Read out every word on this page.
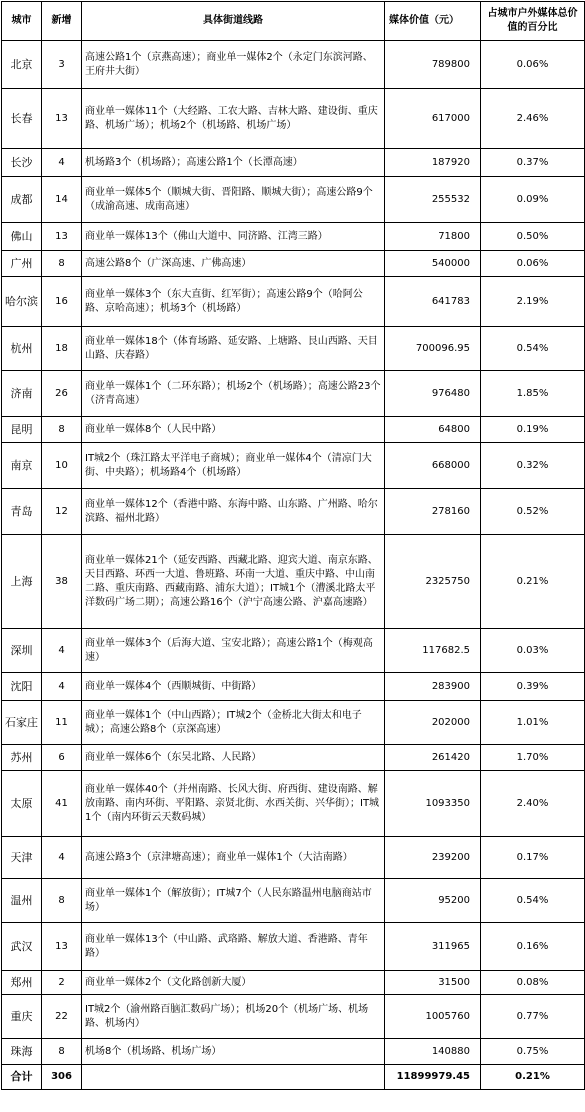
城市	新增	具体街道线路	媒体价值（元）	占城市户外媒体总价值的百分比
北京	3	高速公路1个（京燕高速）；商业单一媒体2个（永定门东滨河路、王府井大街）	789800	0.06%
长春	13	商业单一媒体11个（大经路、工农大路、吉林大路、建设街、重庆路、机场广场）；机场2个（机场路、机场广场）	617000	2.46%
长沙	4	机场路3个（机场路）；高速公路1个（长潭高速）	187920	0.37%
成都	14	商业单一媒体5个（顺城大街、晋阳路、顺城大街）；高速公路9个（成渝高速、成南高速）	255532	0.09%
佛山	13	商业单一媒体13个（佛山大道中、同济路、江湾三路）	71800	0.50%
广州	8	高速公路8个（广深高速、广佛高速）	540000	0.06%
哈尔滨	16	商业单一媒体3个（东大直街、红军街）；高速公路9个（哈阿公路、京哈高速）；机场3个（机场路）	641783	2.19%
杭州	18	商业单一媒体18个（体育场路、延安路、上塘路、艮山西路、天目山路、庆春路）	700096.95	0.54%
济南	26	商业单一媒体1个（二环东路）；机场2个（机场路）；高速公路23个（济青高速）	976480	1.85%
昆明	8	商业单一媒体8个（人民中路）	64800	0.19%
南京	10	IT城2个（珠江路太平洋电子商城）；商业单一媒体4个（清凉门大街、中央路）；机场路4个（机场路）	668000	0.32%
青岛	12	商业单一媒体12个（香港中路、东海中路、山东路、广州路、哈尔滨路、福州北路）	278160	0.52%
上海	38	商业单一媒体21个（延安西路、西藏北路、迎宾大道、南京东路、天目西路、环西一大道、鲁班路、环南一大道、重庆中路、中山南二路、重庆南路、西藏南路、浦东大道）；IT城1个（漕溪北路太平洋数码广场二期）；高速公路16个（沪宁高速公路、沪嘉高速路）	2325750	0.21%
深圳	4	商业单一媒体3个（后海大道、宝安北路）；高速公路1个（梅观高速）	117682.5	0.03%
沈阳	4	商业单一媒体4个（西顺城街、中街路）	283900	0.39%
石家庄	11	商业单一媒体1个（中山西路）；IT城2个（金桥北大街太和电子城）；高速公路8个（京深高速）	202000	1.01%
苏州	6	商业单一媒体6个（东吴北路、人民路）	261420	1.70%
太原	41	商业单一媒体40个（并州南路、长风大街、府西街、建设南路、解放南路、南内环街、平阳路、亲贤北街、水西关街、兴华街）；IT城1个（南内环街云天数码城）	1093350	2.40%
天津	4	高速公路3个（京津塘高速）；商业单一媒体1个（大沽南路）	239200	0.17%
温州	8	商业单一媒体1个（解放街）；IT城7个（人民东路温州电脑商站市场）	95200	0.54%
武汉	13	商业单一媒体13个（中山路、武珞路、解放大道、香港路、青年路）	311965	0.16%
郑州	2	商业单一媒体2个（文化路创新大厦）	31500	0.08%
重庆	22	IT城2个（渝州路百脑汇数码广场）；机场20个（机场广场、机场路、机场内）	1005760	0.77%
珠海	8	机场8个（机场路、机场广场）	140880	0.75%
合计	306		11899979.45	0.21%
